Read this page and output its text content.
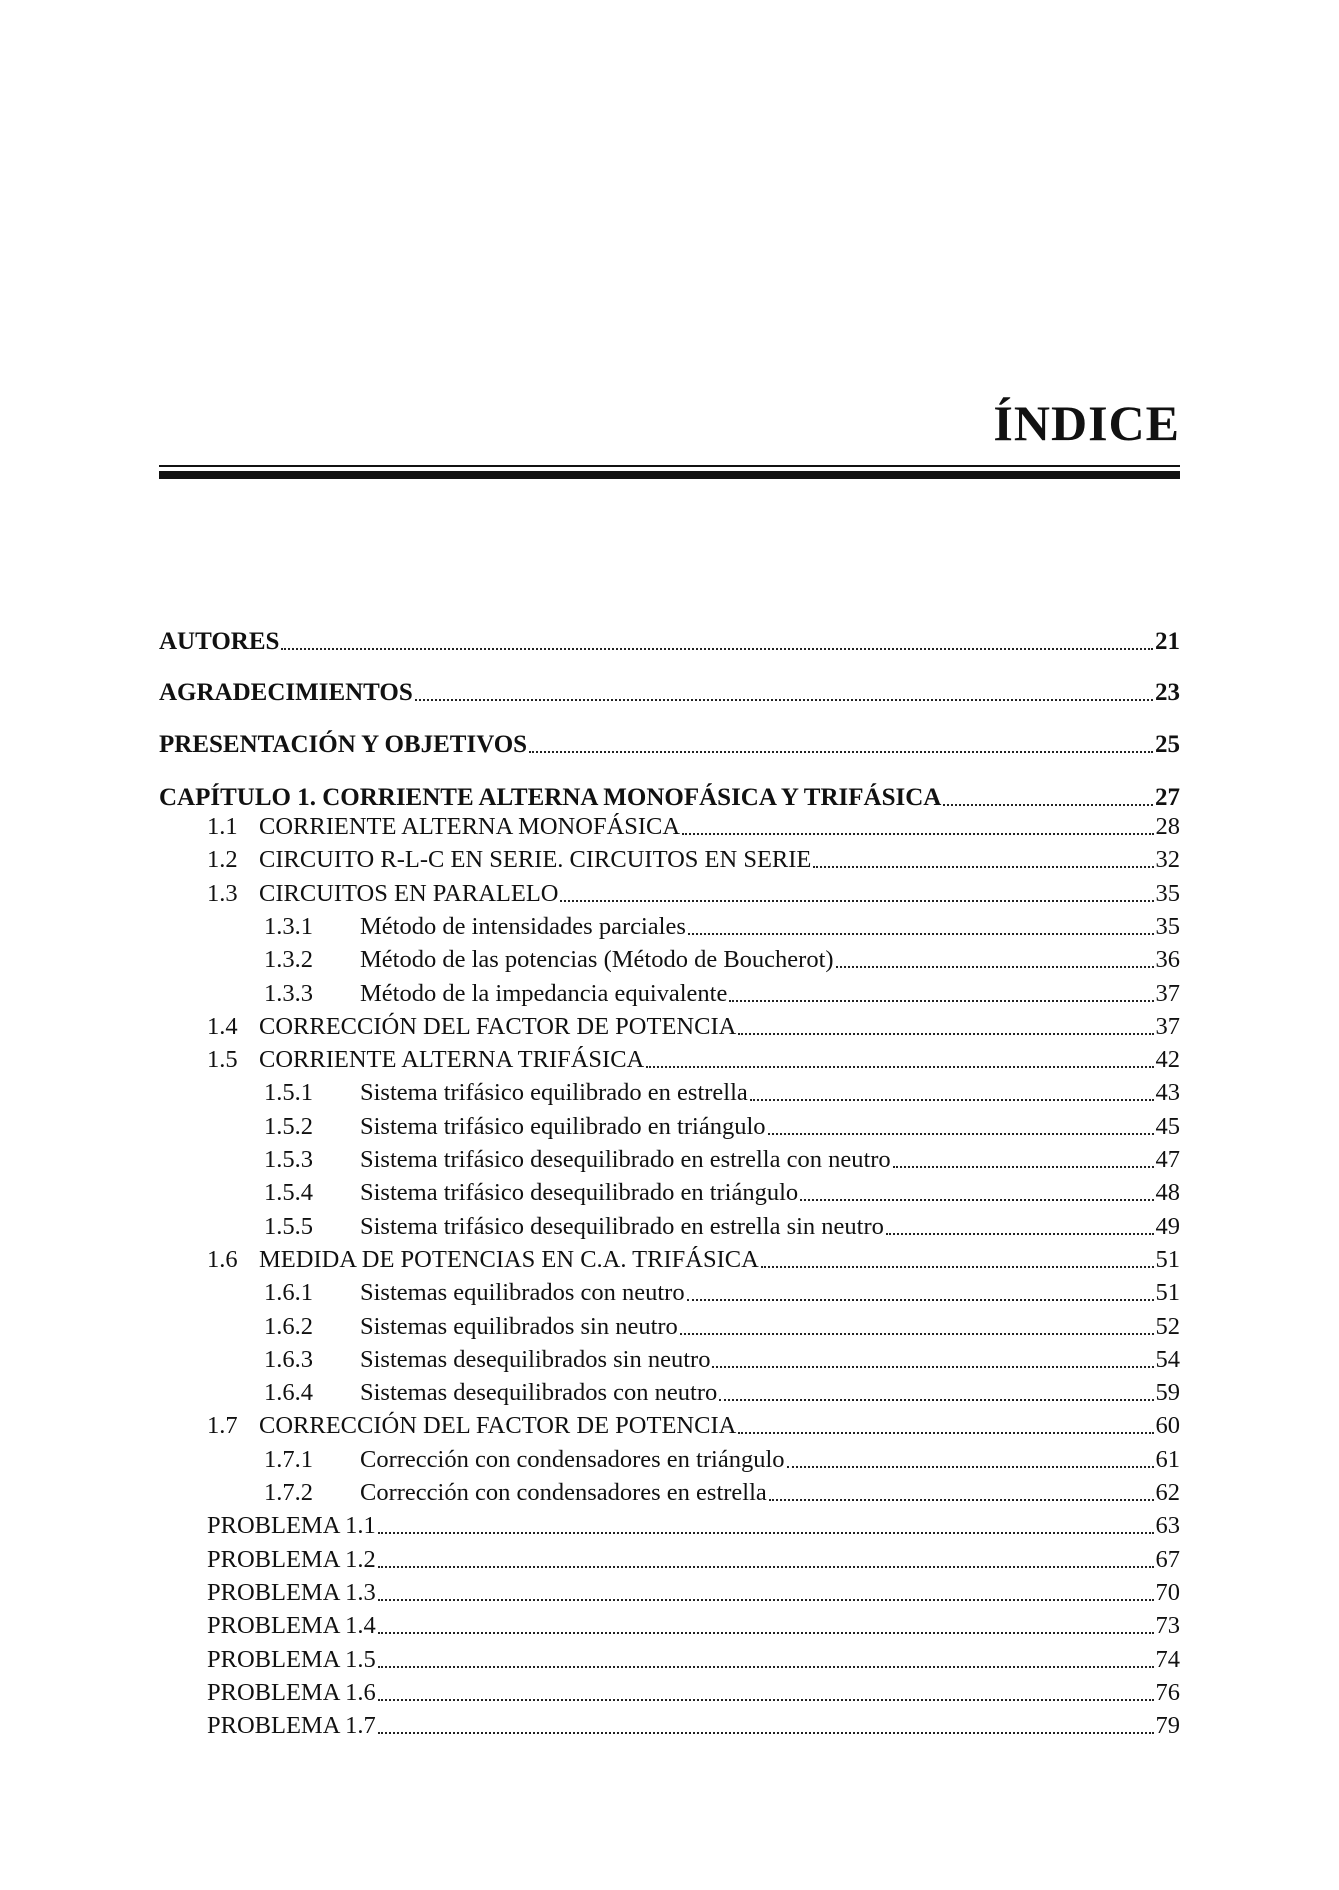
ÍNDICE
AUTORES	21
AGRADECIMIENTOS	23
PRESENTACIÓN Y OBJETIVOS	25
CAPÍTULO 1. CORRIENTE ALTERNA MONOFÁSICA Y TRIFÁSICA	27
1.1 CORRIENTE ALTERNA MONOFÁSICA	28
1.2 CIRCUITO R-L-C EN SERIE. CIRCUITOS EN SERIE	32
1.3 CIRCUITOS EN PARALELO	35
1.3.1	Método de intensidades parciales	35
1.3.2	Método de las potencias (Método de Boucherot)	36
1.3.3	Método de la impedancia equivalente	37
1.4 CORRECCIÓN DEL FACTOR DE POTENCIA	37
1.5 CORRIENTE ALTERNA TRIFÁSICA	42
1.5.1	Sistema trifásico equilibrado en estrella	43
1.5.2	Sistema trifásico equilibrado en triángulo	45
1.5.3	Sistema trifásico desequilibrado en estrella con neutro	47
1.5.4	Sistema trifásico desequilibrado en triángulo	48
1.5.5	Sistema trifásico desequilibrado en estrella sin neutro	49
1.6 MEDIDA DE POTENCIAS EN C.A. TRIFÁSICA	51
1.6.1	Sistemas equilibrados con neutro	51
1.6.2	Sistemas equilibrados sin neutro	52
1.6.3	Sistemas desequilibrados sin neutro	54
1.6.4	Sistemas desequilibrados con neutro	59
1.7 CORRECCIÓN DEL FACTOR DE POTENCIA	60
1.7.1	Corrección con condensadores en triángulo	61
1.7.2	Corrección con condensadores en estrella	62
PROBLEMA 1.1	63
PROBLEMA 1.2	67
PROBLEMA 1.3	70
PROBLEMA 1.4	73
PROBLEMA 1.5	74
PROBLEMA 1.6	76
PROBLEMA 1.7	79
